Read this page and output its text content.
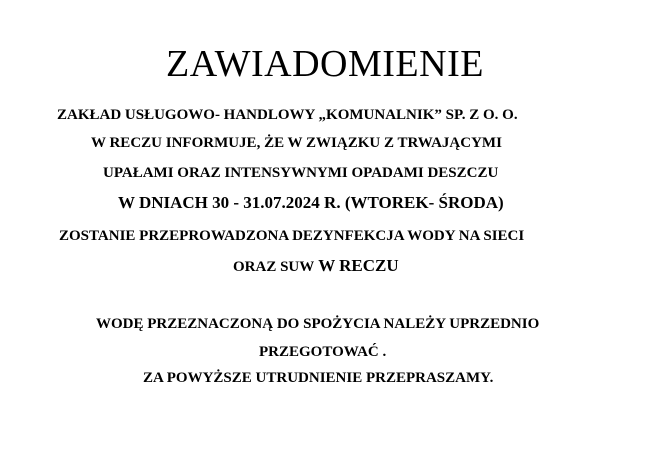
ZAWIADOMIENIE
ZAKŁAD USŁUGOWO- HANDLOWY „KOMUNALNIK” SP. Z O. O.
W RECZU INFORMUJE, ŻE W ZWIĄZKU Z TRWAJĄCYMI
UPAŁAMI ORAZ INTENSYWNYMI OPADAMI DESZCZU
W DNIACH 30 - 31.07.2024 R. (WTOREK- ŚRODA)
ZOSTANIE PRZEPROWADZONA DEZYNFEKCJA WODY NA SIECI
ORAZ SUW W RECZU
WODĘ PRZEZNACZONĄ DO SPOŻYCIA NALEŻY UPRZEDNIO
PRZEGOTOWAĆ .
ZA POWYŻSZE UTRUDNIENIE PRZEPRASZAMY.
